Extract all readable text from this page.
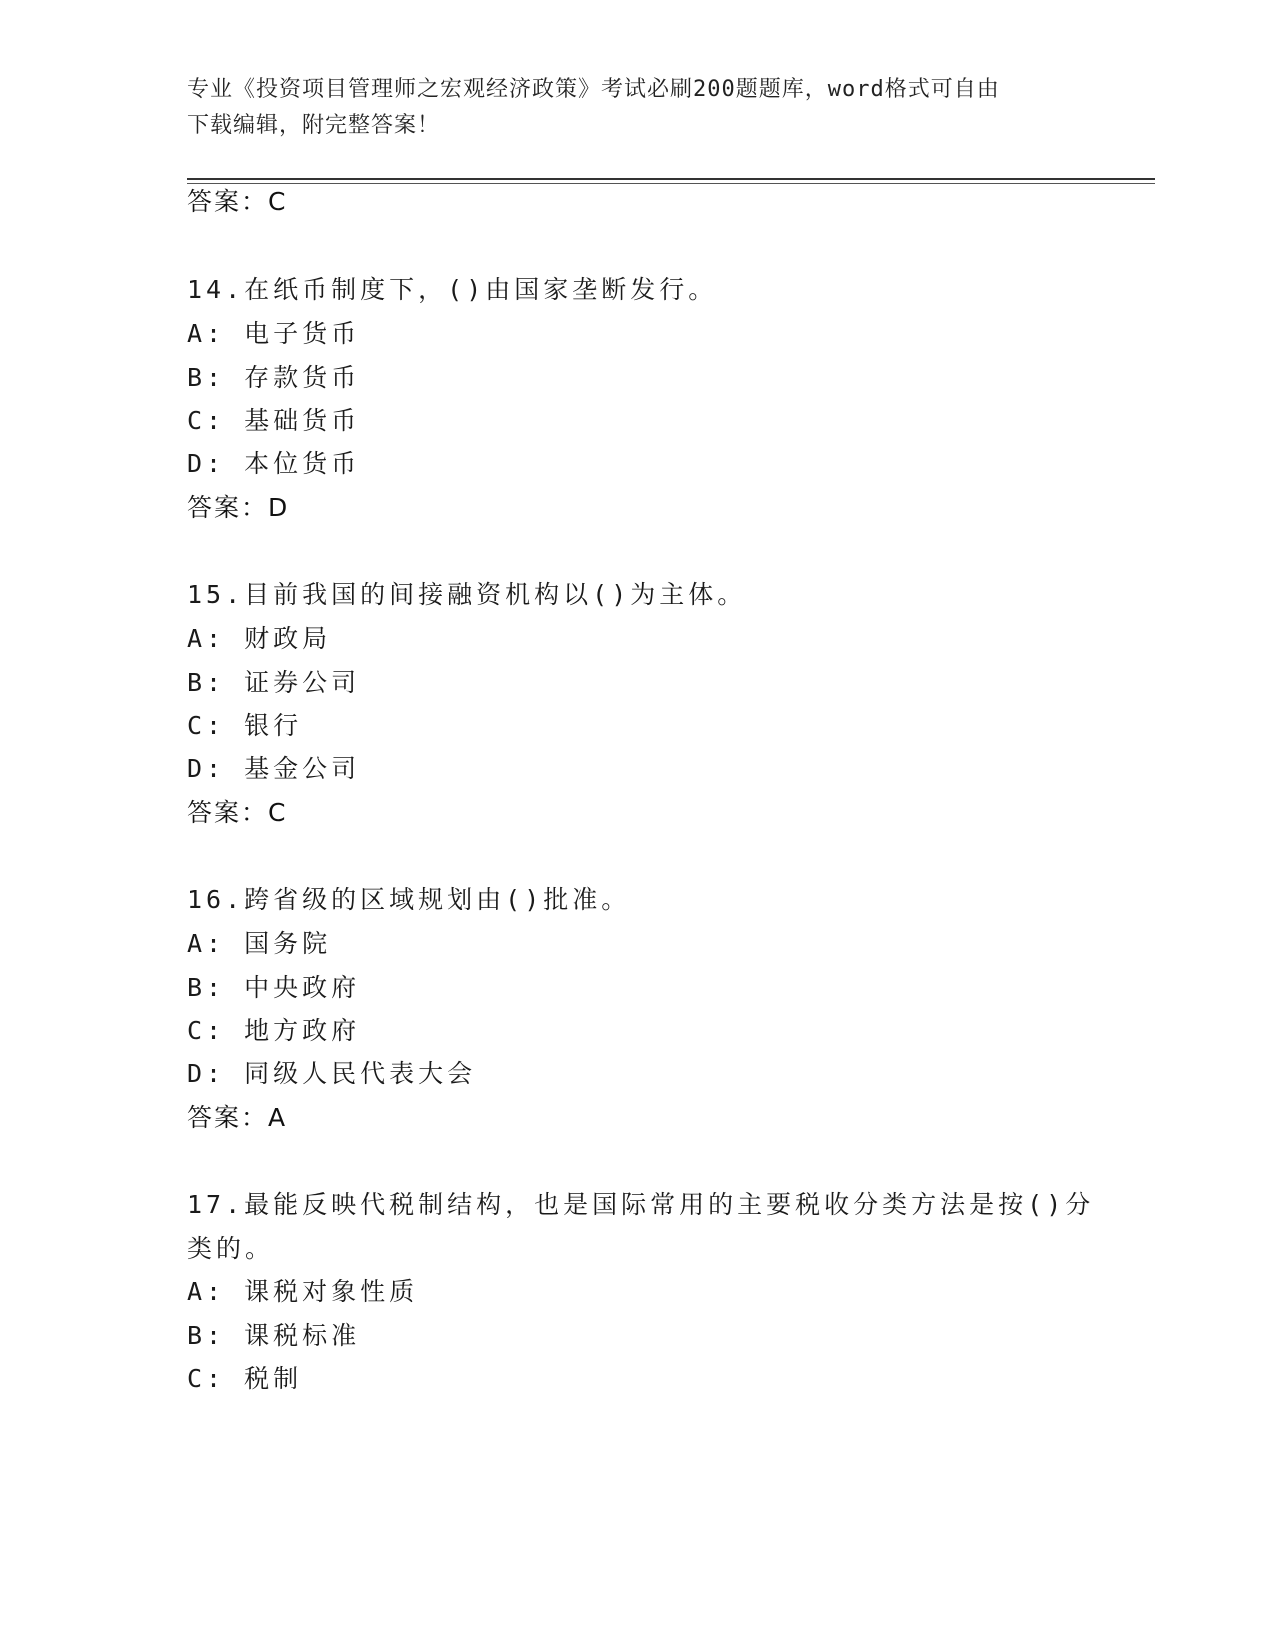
专业《投资项目管理师之宏观经济政策》考试必刷200题题库，word格式可自由
下载编辑，附完整答案！
答案：C
14.在纸币制度下，()由国家垄断发行。
A: 电子货币
B: 存款货币
C: 基础货币
D: 本位货币
答案：D
15.目前我国的间接融资机构以()为主体。
A: 财政局
B: 证券公司
C: 银行
D: 基金公司
答案：C
16.跨省级的区域规划由()批准。
A: 国务院
B: 中央政府
C: 地方政府
D: 同级人民代表大会
答案：A
17.最能反映代税制结构，也是国际常用的主要税收分类方法是按()分
类的。
A: 课税对象性质
B: 课税标准
C: 税制
